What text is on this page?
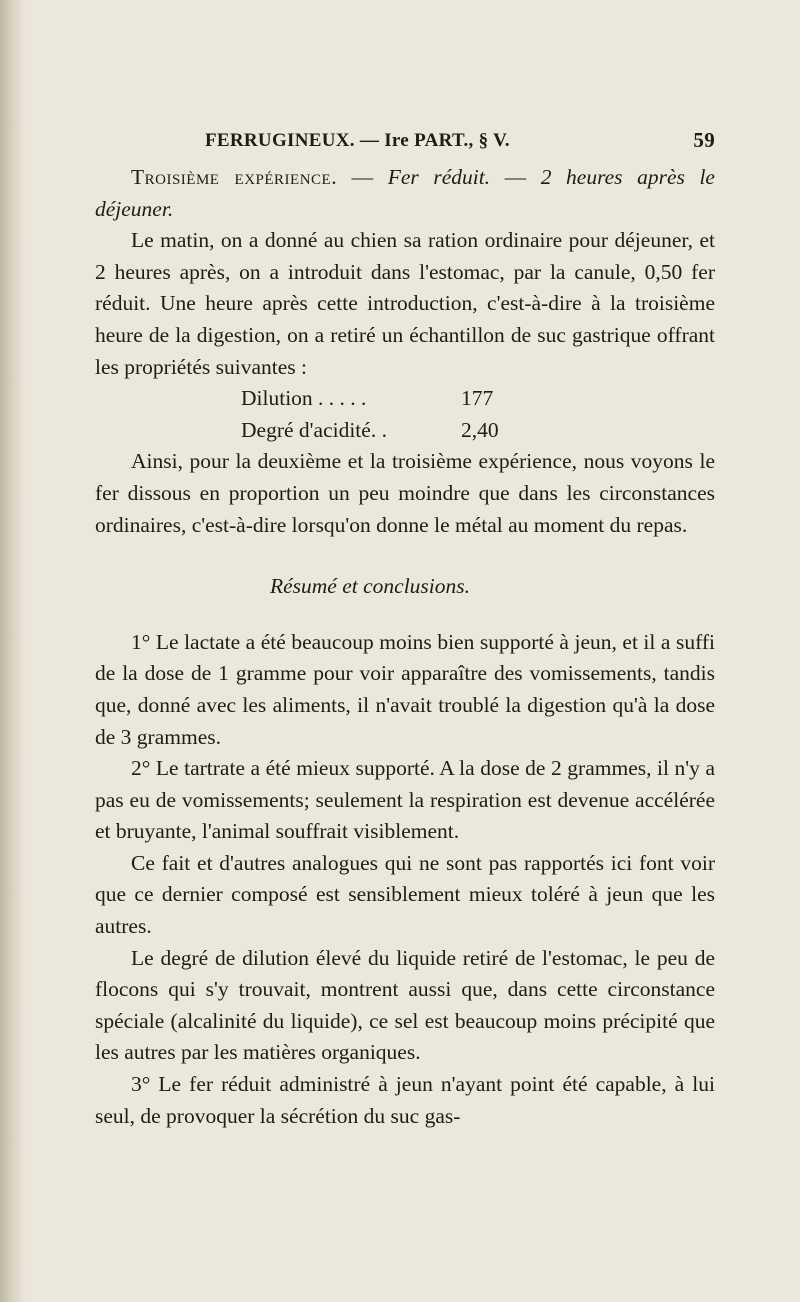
FERRUGINEUX. — Ire PART., § V.	59

Troisième expérience. — Fer réduit. — 2 heures après le déjeuner.

Le matin, on a donné au chien sa ration ordinaire pour déjeuner, et 2 heures après, on a introduit dans l'estomac, par la canule, 0,50 fer réduit. Une heure après cette introduction, c'est-à-dire à la troisième heure de la digestion, on a retiré un échantillon de suc gastrique offrant les propriétés suivantes :

Dilution . . . . .	177
Degré d'acidité. .	2,40

Ainsi, pour la deuxième et la troisième expérience, nous voyons le fer dissous en proportion un peu moindre que dans les circonstances ordinaires, c'est-à-dire lorsqu'on donne le métal au moment du repas.

Résumé et conclusions.

1° Le lactate a été beaucoup moins bien supporté à jeun, et il a suffi de la dose de 1 gramme pour voir apparaître des vomissements, tandis que, donné avec les aliments, il n'avait troublé la digestion qu'à la dose de 3 grammes.

2° Le tartrate a été mieux supporté. A la dose de 2 grammes, il n'y a pas eu de vomissements; seulement la respiration est devenue accélérée et bruyante, l'animal souffrait visiblement.

Ce fait et d'autres analogues qui ne sont pas rapportés ici font voir que ce dernier composé est sensiblement mieux toléré à jeun que les autres.

Le degré de dilution élevé du liquide retiré de l'estomac, le peu de flocons qui s'y trouvait, montrent aussi que, dans cette circonstance spéciale (alcalinité du liquide), ce sel est beaucoup moins précipité que les autres par les matières organiques.

3° Le fer réduit administré à jeun n'ayant point été capable, à lui seul, de provoquer la sécrétion du suc gas-
